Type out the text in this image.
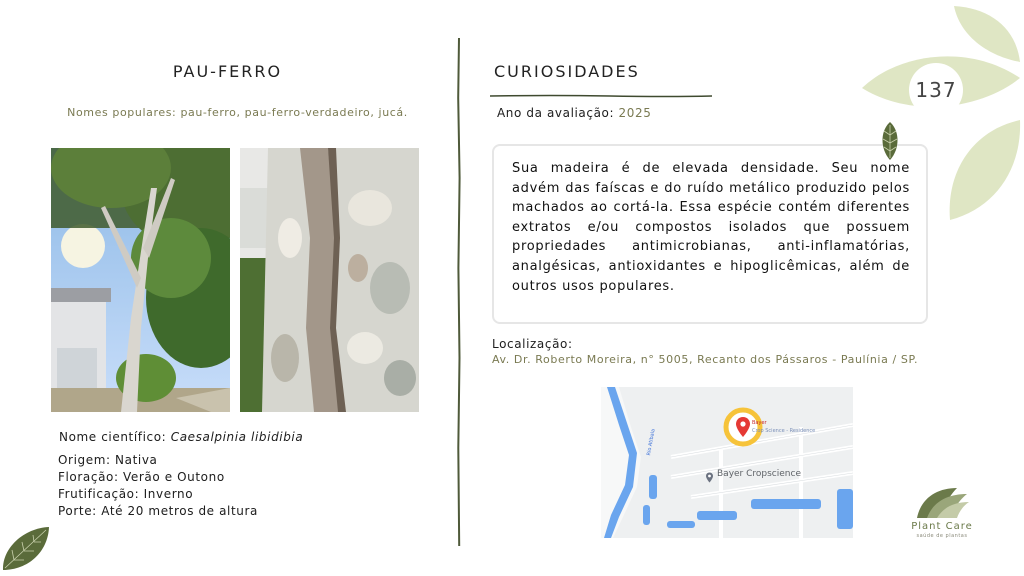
PAU-FERRO
Nomes populares: pau-ferro, pau-ferro-verdadeiro, jucá.
Nome científico: Caesalpinia libidibia
Origem: Nativa
Floração: Verão e Outono
Frutificação: Inverno
Porte: Até 20 metros de altura
CURIOSIDADES
Ano da avaliação: 2025
Sua madeira é de elevada densidade. Seu nome advém das faíscas e do ruído metálico produzido pelos machados ao cortá-la. Essa espécie contém diferentes extratos e/ou compostos isolados que possuem propriedades antimicrobianas, anti-inflamatórias, analgésicas, antioxidantes e hipoglicêmicas, além de outros usos populares.
Localização:
Av. Dr. Roberto Moreira, n° 5005, Recanto dos Pássaros - Paulínia / SP.
Bayer
Crop Science - Residence
Bayer Cropscience
Rio Atibaia
137
Plant Care
saúde de plantas
